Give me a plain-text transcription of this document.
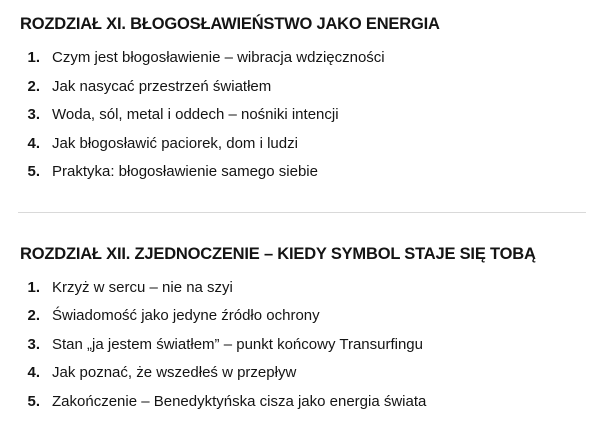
ROZDZIAŁ XI. BŁOGOSŁAWIEŃSTWO JAKO ENERGIA
1. Czym jest błogosławienie – wibracja wdzięczności
2. Jak nasycać przestrzeń światłem
3. Woda, sól, metal i oddech – nośniki intencji
4. Jak błogosławić paciorek, dom i ludzi
5. Praktyka: błogosławienie samego siebie
ROZDZIAŁ XII. ZJEDNOCZENIE – KIEDY SYMBOL STAJE SIĘ TOBĄ
1. Krzyż w sercu – nie na szyi
2. Świadomość jako jedyne źródło ochrony
3. Stan „ja jestem światłem” – punkt końcowy Transurfingu
4. Jak poznać, że wszedłeś w przepływ
5. Zakończenie – Benedyktyńska cisza jako energia świata
